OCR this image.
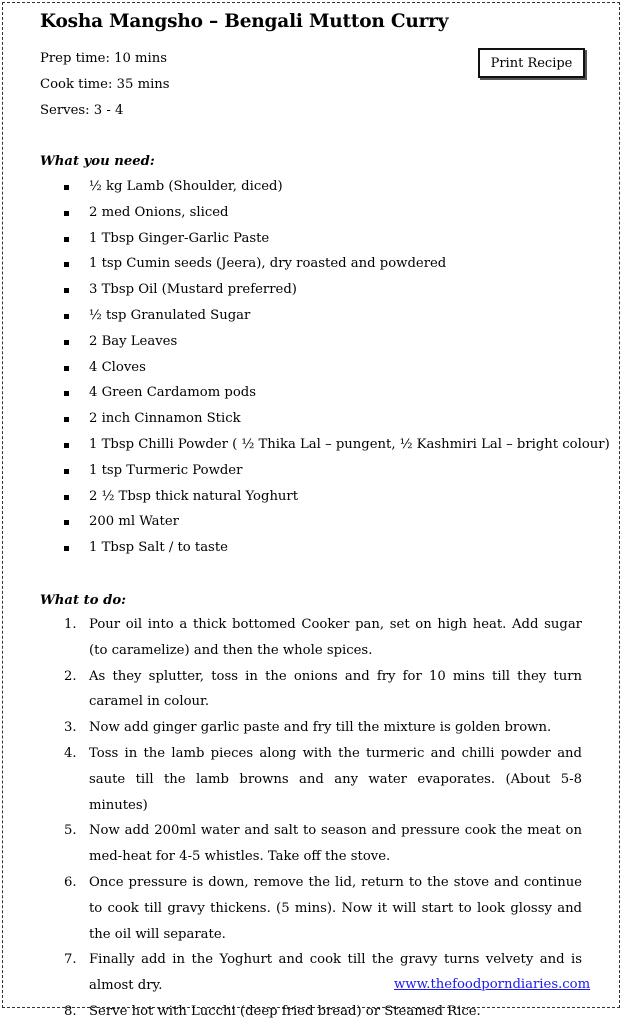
Kosha Mangsho – Bengali Mutton Curry
Prep time: 10 mins
Cook time: 35 mins
Serves: 3 - 4
Print Recipe
What you need:
½ kg Lamb (Shoulder, diced)
2 med Onions, sliced
1 Tbsp Ginger-Garlic Paste
1 tsp Cumin seeds (Jeera), dry roasted and powdered
3 Tbsp Oil (Mustard preferred)
½ tsp Granulated Sugar
2 Bay Leaves
4 Cloves
4 Green Cardamom pods
2 inch Cinnamon Stick
1 Tbsp Chilli Powder ( ½ Thika Lal – pungent, ½ Kashmiri Lal – bright colour)
1 tsp Turmeric Powder
2 ½ Tbsp thick natural Yoghurt
200 ml Water
1 Tbsp Salt / to taste
What to do:
1. Pour oil into a thick bottomed Cooker pan, set on high heat. Add sugar (to caramelize) and then the whole spices.
2. As they splutter, toss in the onions and fry for 10 mins till they turn caramel in colour.
3. Now add ginger garlic paste and fry till the mixture is golden brown.
4. Toss in the lamb pieces along with the turmeric and chilli powder and saute till the lamb browns and any water evaporates. (About 5-8 minutes)
5. Now add 200ml water and salt to season and pressure cook the meat on med-heat for 4-5 whistles. Take off the stove.
6. Once pressure is down, remove the lid, return to the stove and continue to cook till gravy thickens. (5 mins). Now it will start to look glossy and the oil will separate.
7. Finally add in the Yoghurt and cook till the gravy turns velvety and is almost dry.
8. Serve hot with Lucchi (deep fried bread) or Steamed Rice.
www.thefoodporndiaries.com
